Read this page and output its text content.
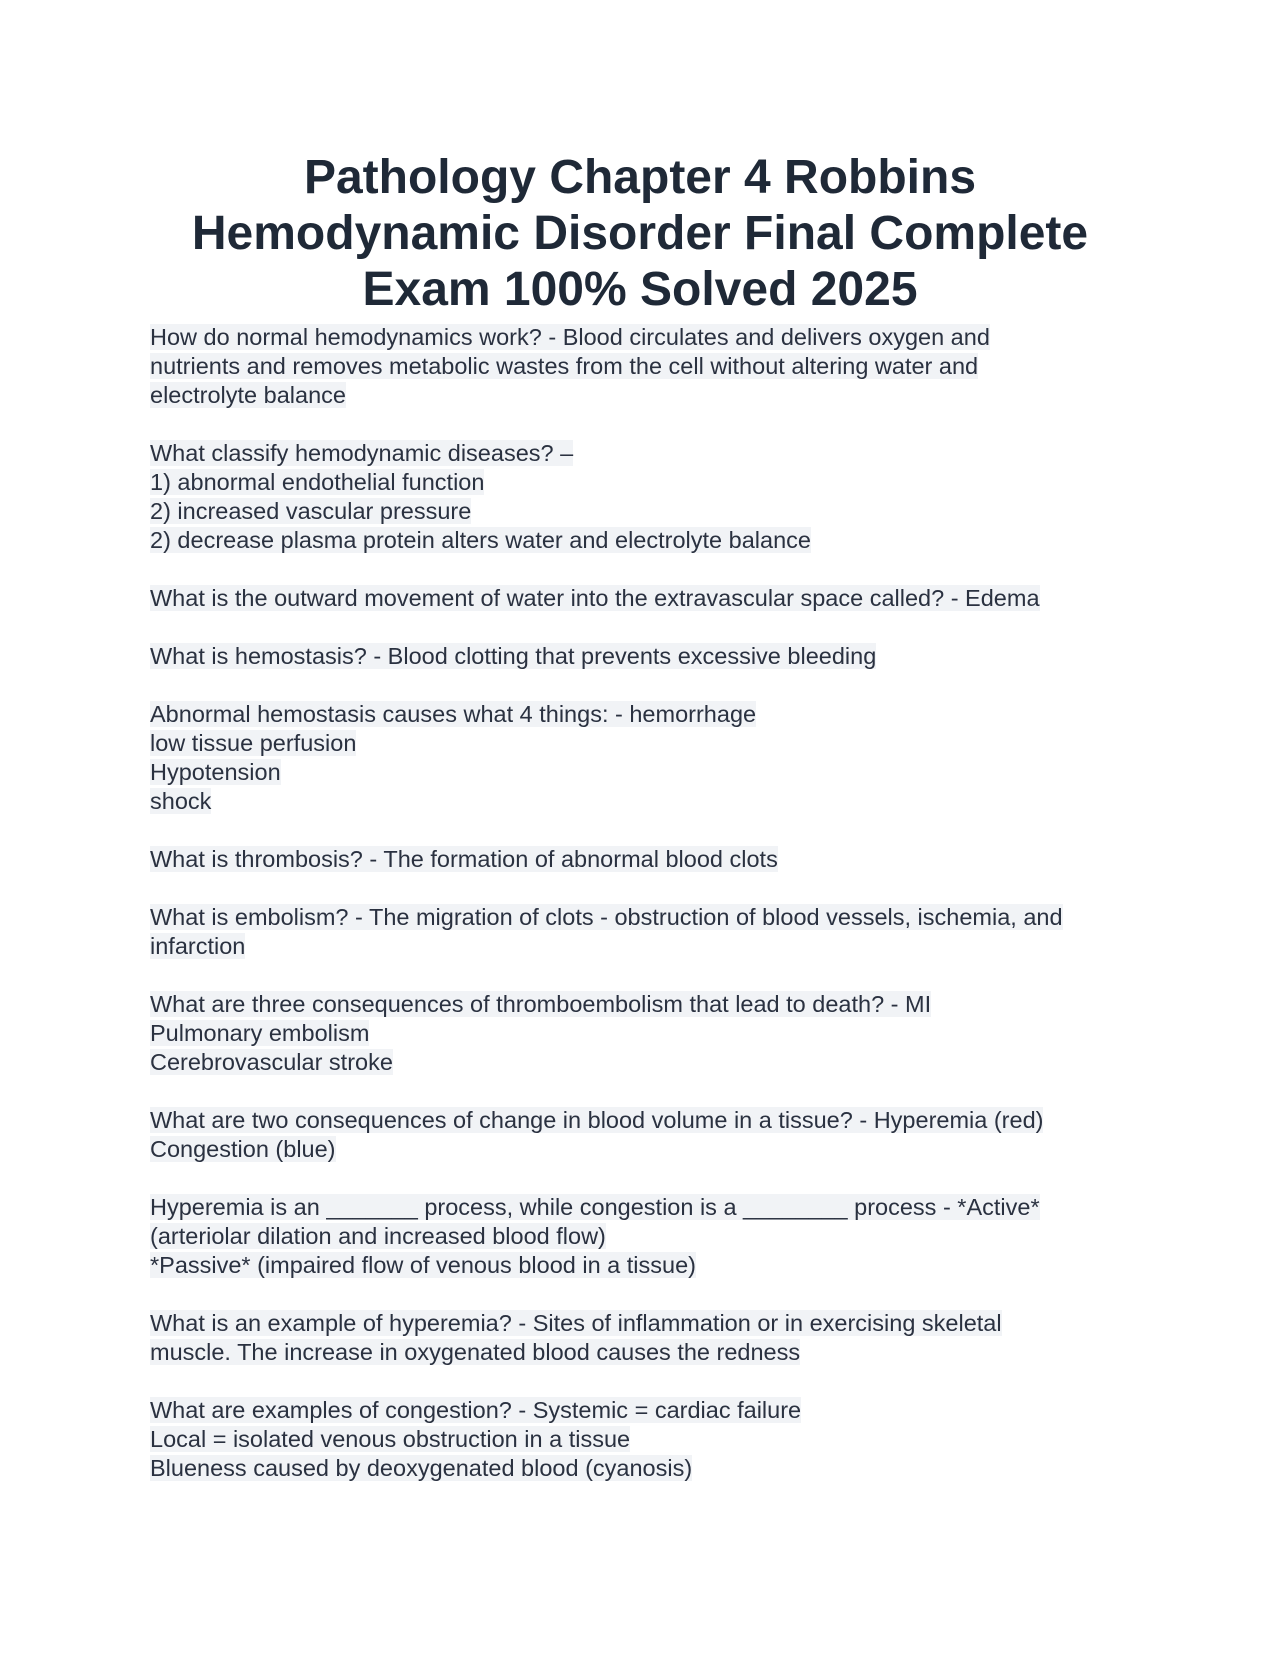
Pathology Chapter 4 Robbins
Hemodynamic Disorder Final Complete
Exam 100% Solved 2025
How do normal hemodynamics work? - Blood circulates and delivers oxygen and
nutrients and removes metabolic wastes from the cell without altering water and
electrolyte balance
What classify hemodynamic diseases? –
1) abnormal endothelial function
2) increased vascular pressure
2) decrease plasma protein alters water and electrolyte balance
What is the outward movement of water into the extravascular space called? - Edema
What is hemostasis? - Blood clotting that prevents excessive bleeding
Abnormal hemostasis causes what 4 things: - hemorrhage
low tissue perfusion
Hypotension
shock
What is thrombosis? - The formation of abnormal blood clots
What is embolism? - The migration of clots - obstruction of blood vessels, ischemia, and
infarction
What are three consequences of thromboembolism that lead to death? - MI
Pulmonary embolism
Cerebrovascular stroke
What are two consequences of change in blood volume in a tissue? - Hyperemia (red)
Congestion (blue)
Hyperemia is an _______ process, while congestion is a ________ process - *Active*
(arteriolar dilation and increased blood flow)
*Passive* (impaired flow of venous blood in a tissue)
What is an example of hyperemia? - Sites of inflammation or in exercising skeletal
muscle. The increase in oxygenated blood causes the redness
What are examples of congestion? - Systemic = cardiac failure
Local = isolated venous obstruction in a tissue
Blueness caused by deoxygenated blood (cyanosis)
